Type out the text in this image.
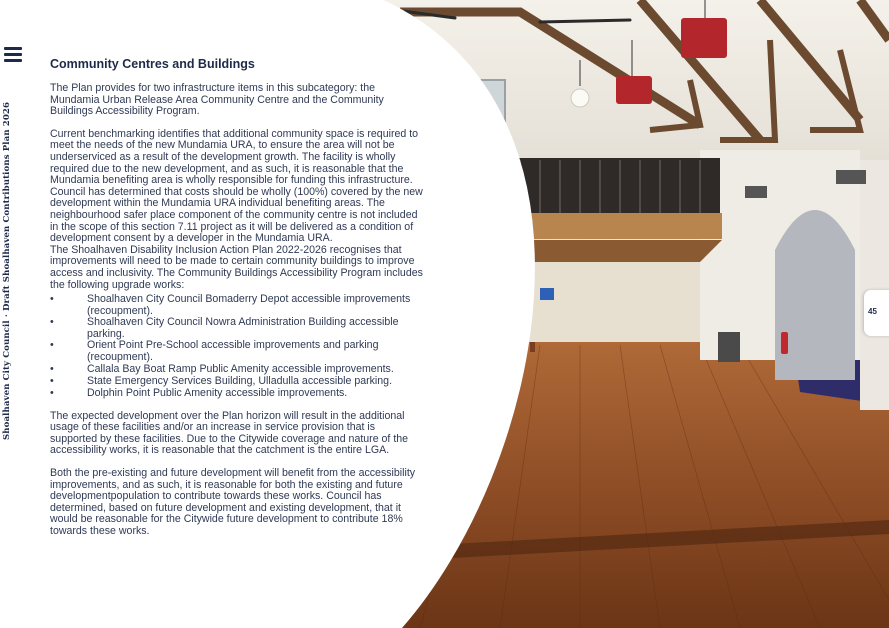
Shoalhaven City Council · Draft Shoalhaven Contributions Plan 2026	45
Community Centres and Buildings

The Plan provides for two infrastructure items in this subcategory: the Mundamia Urban Release Area Community Centre and the Community Buildings Accessibility Program.

Current benchmarking identifies that additional community space is required to meet the needs of the new Mundamia URA, to ensure the area will not be underserviced as a result of the development growth. The facility is wholly required due to the new development, and as such, it is reasonable that the Mundamia benefiting area is wholly responsible for funding this infrastructure. Council has determined that costs should be wholly (100%) covered by the new development within the Mundamia URA individual benefiting areas. The neighbourhood safer place component of the community centre is not included in the scope of this section 7.11 project as it will be delivered as a condition of development consent by a developer in the Mundamia URA.

The Shoalhaven Disability Inclusion Action Plan 2022-2026 recognises that improvements will need to be made to certain community buildings to improve access and inclusivity. The Community Buildings Accessibility Program includes the following upgrade works:

•	Shoalhaven City Council Bomaderry Depot accessible improvements (recoupment).
•	Shoalhaven City Council Nowra Administration Building accessible parking.
•	Orient Point Pre-School accessible improvements and parking (recoupment).
•	Callala Bay Boat Ramp Public Amenity accessible improvements.
•	State Emergency Services Building, Ulladulla accessible parking.
•	Dolphin Point Public Amenity accessible improvements.

The expected development over the Plan horizon will result in the additional usage of these facilities and/or an increase in service provision that is supported by these facilities. Due to the Citywide coverage and nature of the accessibility works, it is reasonable that the catchment is the entire LGA.

Both the pre-existing and future development will benefit from the accessibility improvements, and as such, it is reasonable for both the existing and future developmentpopulation to contribute towards these works. Council has determined, based on future development and existing development, that it would be reasonable for the Citywide future development to contribute 18% towards these works.
